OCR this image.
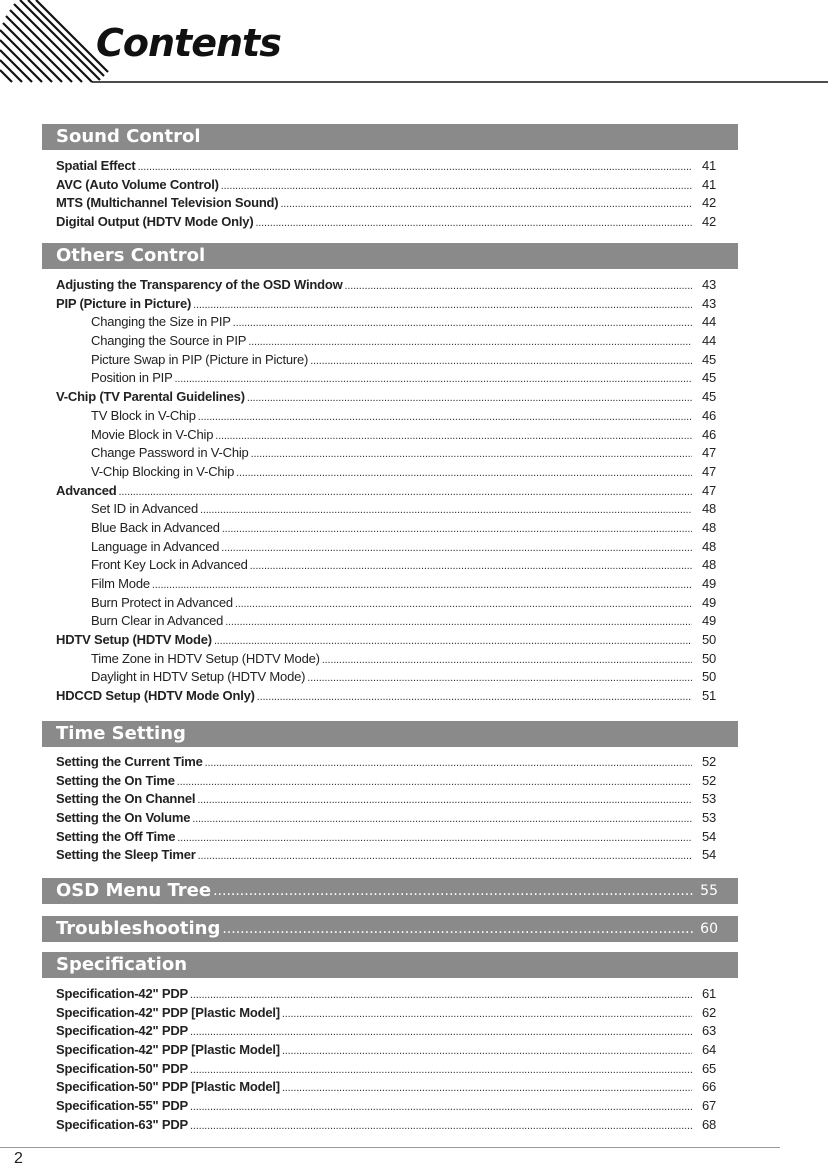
Contents
Sound Control
Spatial Effect .....	41
AVC (Auto Volume Control) .....	41
MTS (Multichannel Television Sound) .....	42
Digital Output (HDTV Mode Only) .....	42
Others Control
Adjusting the Transparency of the OSD Window .....	43
PIP (Picture in Picture) .....	43
Changing the Size in PIP .....	44
Changing the Source in PIP .....	44
Picture Swap in PIP (Picture in Picture) .....	45
Position in PIP .....	45
V-Chip (TV Parental Guidelines) .....	45
TV Block in V-Chip .....	46
Movie Block in V-Chip .....	46
Change Password in V-Chip .....	47
V-Chip Blocking in V-Chip .....	47
Advanced .....	47
Set ID in Advanced .....	48
Blue Back in Advanced .....	48
Language in Advanced .....	48
Front Key Lock in Advanced .....	48
Film Mode .....	49
Burn Protect in Advanced .....	49
Burn Clear in Advanced .....	49
HDTV Setup (HDTV Mode) .....	50
Time Zone in HDTV Setup (HDTV Mode) .....	50
Daylight in HDTV Setup (HDTV Mode) .....	50
HDCCD Setup (HDTV Mode Only) .....	51
Time Setting
Setting the Current Time .....	52
Setting the On Time .....	52
Setting the On Channel .....	53
Setting the On Volume .....	53
Setting the Off Time .....	54
Setting the Sleep Timer .....	54
OSD Menu Tree .....	55
Troubleshooting .....	60
Specification
Specification-42" PDP .....	61
Specification-42" PDP [Plastic Model] .....	62
Specification-42" PDP .....	63
Specification-42" PDP [Plastic Model] .....	64
Specification-50" PDP .....	65
Specification-50" PDP [Plastic Model] .....	66
Specification-55" PDP .....	67
Specification-63" PDP .....	68
2
